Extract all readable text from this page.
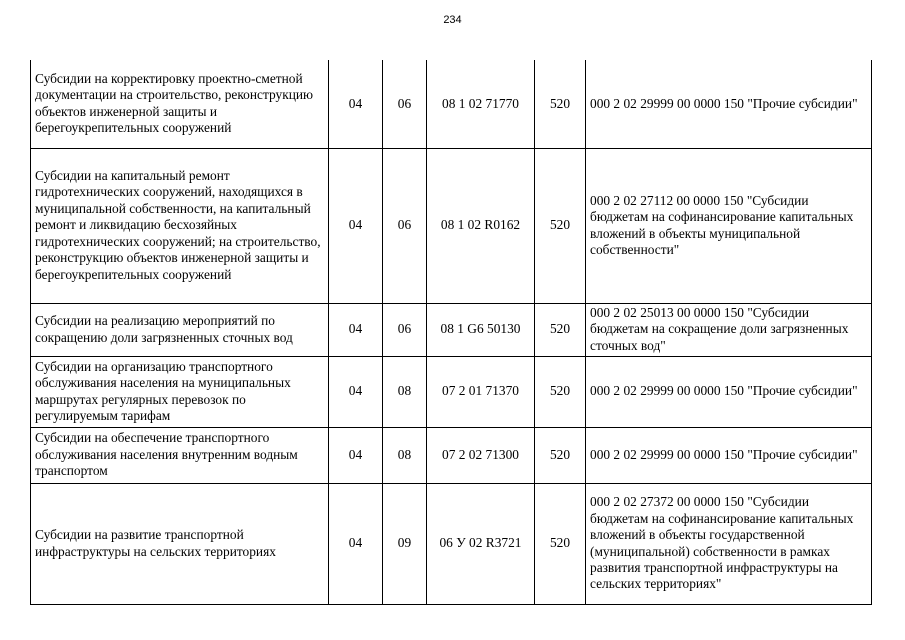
234
Субсидии на корректировку проектно-сметной документации на строительство, реконструкцию объектов инженерной защиты и берегоукрепительных сооружений	04	06	08 1 02 71770	520	000 2 02 29999 00 0000 150 "Прочие субсидии"
Субсидии на капитальный ремонт гидротехнических сооружений, находящихся в муниципальной собственности, на капитальный ремонт и ликвидацию бесхозяйных гидротехнических сооружений; на строительство, реконструкцию объектов инженерной защиты и берегоукрепительных сооружений	04	06	08 1 02 R0162	520	000 2 02 27112 00 0000 150 "Субсидии бюджетам на софинансирование капитальных вложений в объекты муниципальной собственности"
Субсидии на реализацию мероприятий по сокращению доли загрязненных сточных вод	04	06	08 1 G6 50130	520	000 2 02 25013 00 0000 150 "Субсидии бюджетам на сокращение доли загрязненных сточных вод"
Субсидии на организацию транспортного обслуживания населения на муниципальных маршрутах регулярных перевозок по регулируемым тарифам	04	08	07 2 01 71370	520	000 2 02 29999 00 0000 150 "Прочие субсидии"
Субсидии на обеспечение транспортного обслуживания населения внутренним водным транспортом	04	08	07 2 02 71300	520	000 2 02 29999 00 0000 150 "Прочие субсидии"
Субсидии на развитие транспортной инфраструктуры на сельских территориях	04	09	06 У 02 R3721	520	000 2 02 27372 00 0000 150 "Субсидии бюджетам на софинансирование капитальных вложений в объекты государственной (муниципальной) собственности в рамках развития транспортной инфраструктуры на сельских территориях"
